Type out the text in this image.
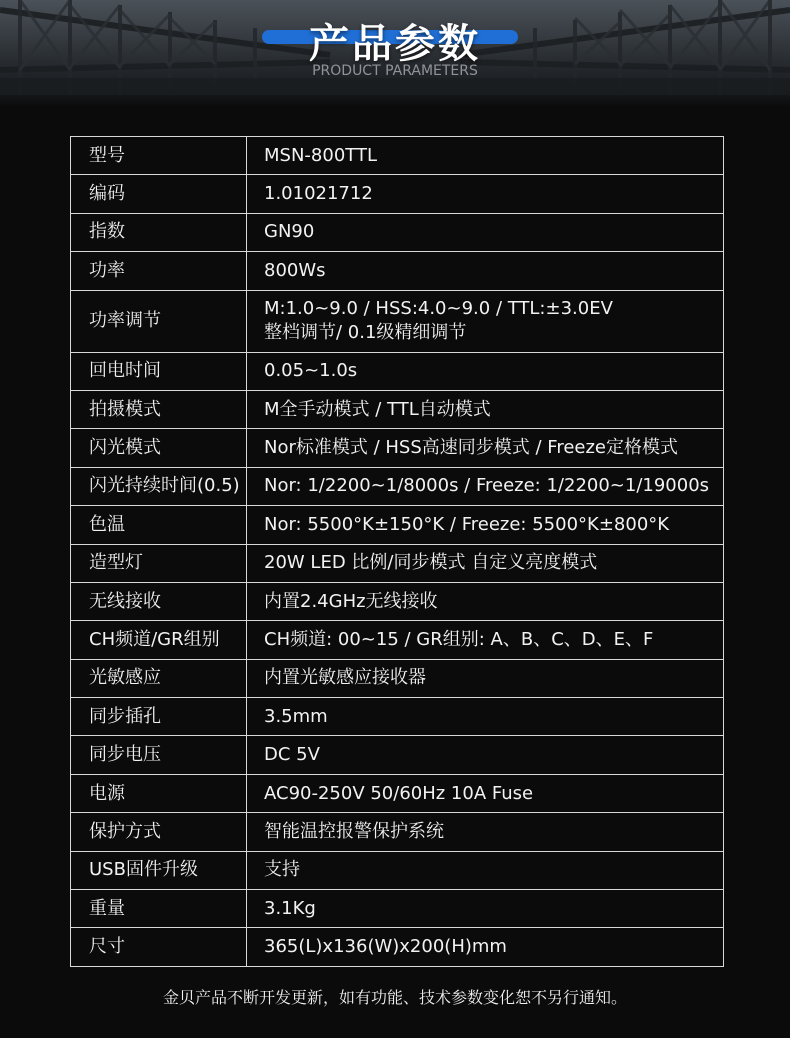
产品参数
PRODUCT PARAMETERS
型号	MSN-800TTL

编码	1.01021712

指数	GN90

功率	800Ws

功率调节	M:1.0~9.0 / HSS:4.0~9.0 / TTL:±3.0EV
整档调节/ 0.1级精细调节

回电时间	0.05~1.0s

拍摄模式	M全手动模式 / TTL自动模式

闪光模式	Nor标准模式 / HSS高速同步模式 / Freeze定格模式

闪光持续时间(0.5)	Nor: 1/2200~1/8000s / Freeze: 1/2200~1/19000s

色温	Nor: 5500°K±150°K / Freeze: 5500°K±800°K

造型灯	20W LED 比例/同步模式 自定义亮度模式

无线接收	内置2.4GHz无线接收

CH频道/GR组别	CH频道: 00~15 / GR组别: A、B、C、D、E、F

光敏感应	内置光敏感应接收器

同步插孔	3.5mm

同步电压	DC 5V

电源	AC90-250V 50/60Hz 10A Fuse

保护方式	智能温控报警保护系统

USB固件升级	支持

重量	3.1Kg

尺寸	365(L)x136(W)x200(H)mm
金贝产品不断开发更新，如有功能、技术参数变化恕不另行通知。
